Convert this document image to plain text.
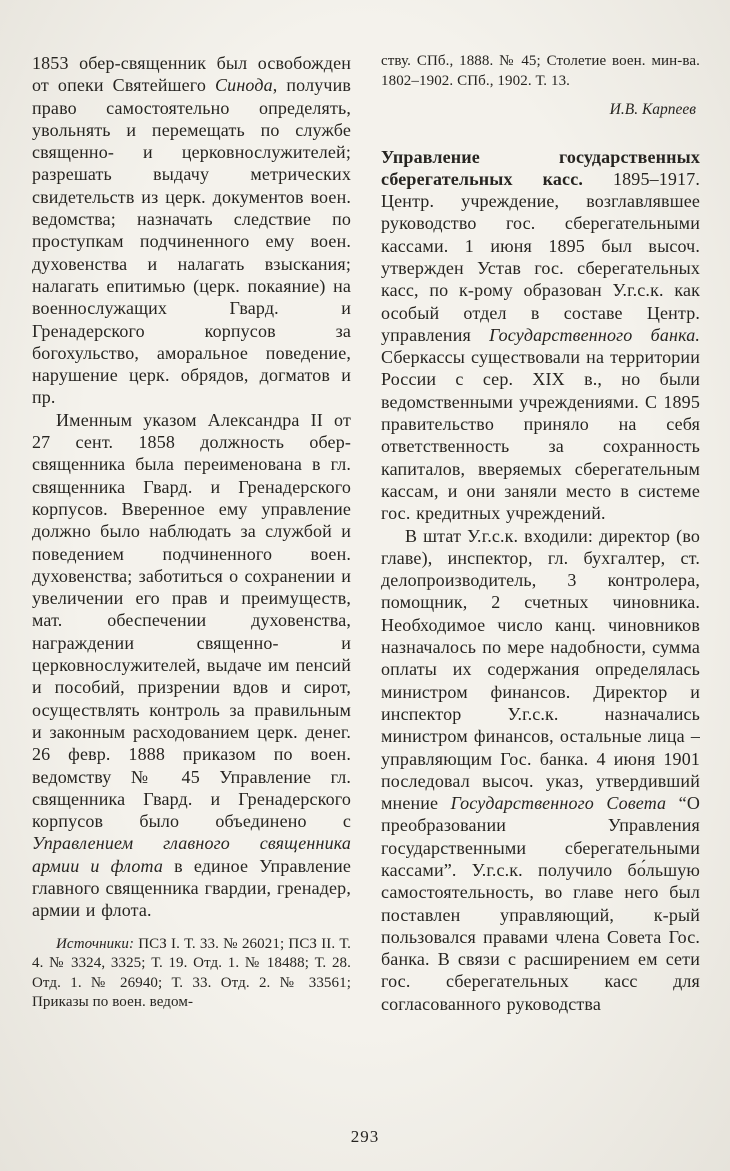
1853 обер-священник был освобожден от опеки Святейшего Синода, получив право самостоятельно определять, увольнять и перемещать по службе священно- и церковнослужителей; разрешать выдачу метрических свидетельств из церк. документов воен. ведомства; назначать следствие по проступкам подчиненного ему воен. духовенства и налагать взыскания; налагать епитимью (церк. покаяние) на военнослужащих Гвард. и Гренадерского корпусов за богохульство, аморальное поведение, нарушение церк. обрядов, догматов и пр.

Именным указом Александра II от 27 сент. 1858 должность обер-священника была переименована в гл. священника Гвард. и Гренадерского корпусов. Вверенное ему управление должно было наблюдать за службой и поведением подчиненного воен. духовенства; заботиться о сохранении и увеличении его прав и преимуществ, мат. обеспечении духовенства, награждении священно- и церковнослужителей, выдаче им пенсий и пособий, призрении вдов и сирот, осуществлять контроль за правильным и законным расходованием церк. денег. 26 февр. 1888 приказом по воен. ведомству № 45 Управление гл. священника Гвард. и Гренадерского корпусов было объединено с Управлением главного священника армии и флота в единое Управление главного священника гвардии, гренадер, армии и флота.

Источники: ПСЗ I. Т. 33. № 26021; ПСЗ II. Т. 4. № 3324, 3325; Т. 19. Отд. 1. № 18488; Т. 28. Отд. 1. № 26940; Т. 33. Отд. 2. № 33561; Приказы по воен. ведом-

ству. СПб., 1888. № 45; Столетие воен. мин-ва. 1802–1902. СПб., 1902. Т. 13.

И.В. Карпеев

Управление государственных сберегательных касс. 1895–1917. Центр. учреждение, возглавлявшее руководство гос. сберегательными кассами. 1 июня 1895 был высоч. утвержден Устав гос. сберегательных касс, по к-рому образован У.г.с.к. как особый отдел в составе Центр. управления Государственного банка. Сберкассы существовали на территории России с сер. XIX в., но были ведомственными учреждениями. С 1895 правительство приняло на себя ответственность за сохранность капиталов, вверяемых сберегательным кассам, и они заняли место в системе гос. кредитных учреждений.

В штат У.г.с.к. входили: директор (во главе), инспектор, гл. бухгалтер, ст. делопроизводитель, 3 контролера, помощник, 2 счетных чиновника. Необходимое число канц. чиновников назначалось по мере надобности, сумма оплаты их содержания определялась министром финансов. Директор и инспектор У.г.с.к. назначались министром финансов, остальные лица – управляющим Гос. банка. 4 июня 1901 последовал высоч. указ, утвердивший мнение Государственного Совета “О преобразовании Управления государственными сберегательными кассами”. У.г.с.к. получило бо́льшую самостоятельность, во главе него был поставлен управляющий, к-рый пользовался правами члена Совета Гос. банка. В связи с расширением ем сети гос. сберегательных касс для согласованного руководства

293
